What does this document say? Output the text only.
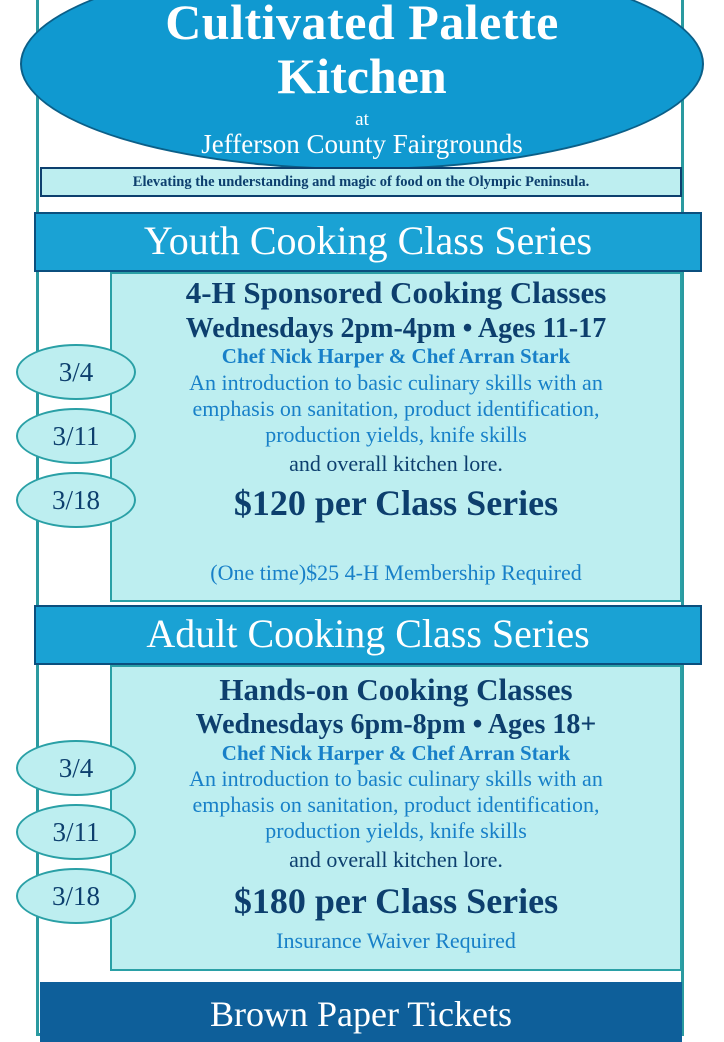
Cultivated Palette
Kitchen
at
Jefferson County Fairgrounds
Elevating the understanding and magic of food on the Olympic Peninsula.
Youth Cooking Class Series
4-H Sponsored Cooking Classes
Wednesdays 2pm-4pm • Ages 11-17
Chef Nick Harper & Chef Arran Stark
An introduction to basic culinary skills with an
emphasis on sanitation, product identification,
production yields, knife skills
and overall kitchen lore.
$120 per Class Series
(One time)$25 4-H Membership Required
3/4
3/11
3/18
Adult Cooking Class Series
Hands-on Cooking Classes
Wednesdays 6pm-8pm • Ages 18+
Chef Nick Harper & Chef Arran Stark
An introduction to basic culinary skills with an
emphasis on sanitation, product identification,
production yields, knife skills
and overall kitchen lore.
$180 per Class Series
Insurance Waiver Required
3/4
3/11
3/18
Brown Paper Tickets
